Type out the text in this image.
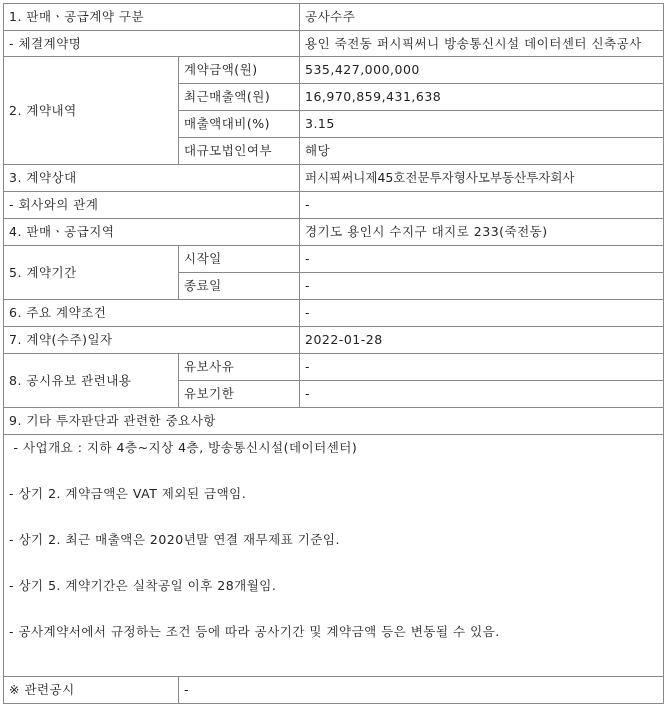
1. 판매ㆍ공급계약 구분		공사수주
- 체결계약명		용인 죽전동 퍼시픽써니 방송통신시설 데이터센터 신축공사
2. 계약내역	계약금액(원)	535,427,000,000
	최근매출액(원)	16,970,859,431,638
	매출액대비(%)	3.15
	대규모법인여부	해당
3. 계약상대		퍼시픽써니제45호전문투자형사모부동산투자회사
- 회사와의 관계		-
4. 판매ㆍ공급지역		경기도 용인시 수지구 대지로 233(죽전동)
5. 계약기간	시작일	-
	종료일	-
6. 주요 계약조건		-
7. 계약(수주)일자		2022-01-28
8. 공시유보 관련내용	유보사유	-
	유보기한	-
9. 기타 투자판단과 관련한 중요사항		

- 사업개요 : 지하 4층~지상 4층, 방송통신시설(데이터센터)

- 상기 2. 계약금액은 VAT 제외된 금액임.

- 상기 2. 최근 매출액은 2020년말 연결 재무제표 기준임.

- 상기 5. 계약기간은 실착공일 이후 28개월임.

- 공사계약서에서 규정하는 조건 등에 따라 공사기간 및 계약금액 등은 변동될 수 있음.		

※ 관련공시	-	
